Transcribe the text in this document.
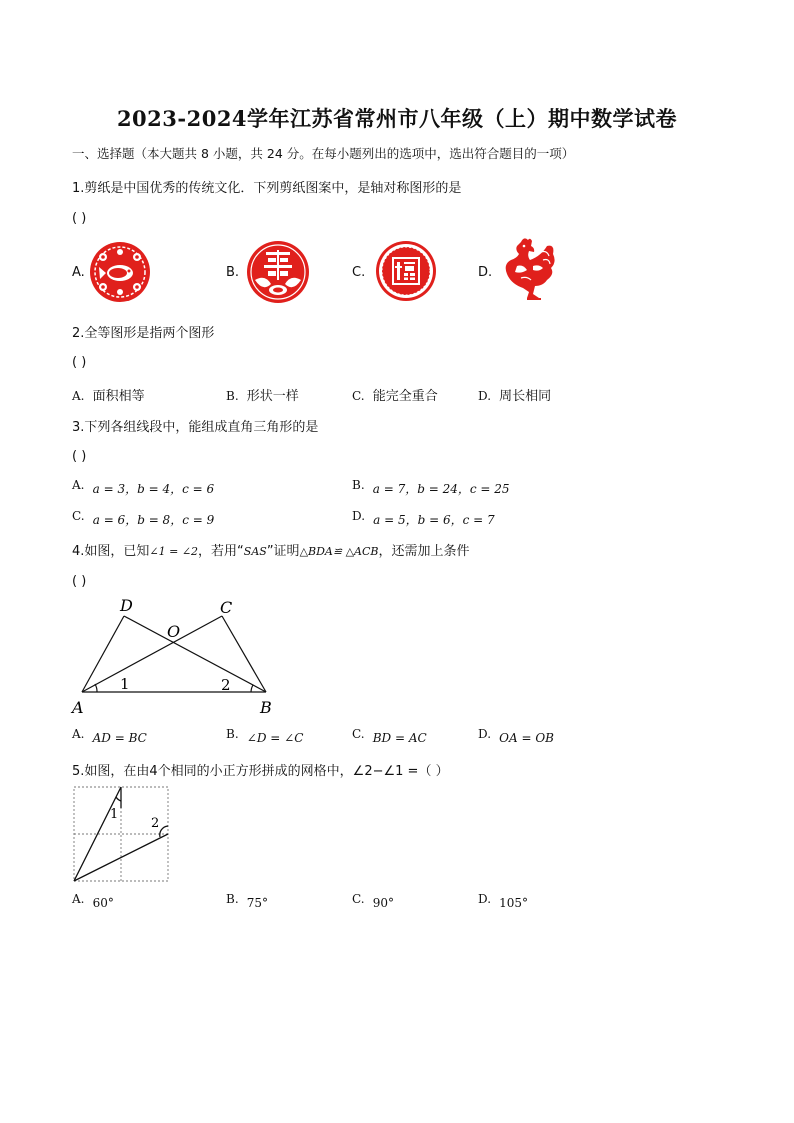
2023-2024学年江苏省常州市八年级（上）期中数学试卷
一、选择题（本大题共 8 小题，共 24 分。在每小题列出的选项中，选出符合题目的一项）
1.剪纸是中国优秀的传统文化．下列剪纸图案中，是轴对称图形的是
( )
A.	B.	C.	D.
2.全等图形是指两个图形
( )
A. 面积相等	B. 形状一样	C. 能完全重合	D. 周长相同
3.下列各组线段中，能组成直角三角形的是
( )
A. a = 3，b = 4，c = 6	B. a = 7，b = 24，c = 25
C. a = 6，b = 8，c = 9	D. a = 5，b = 6，c = 7
4.如图，已知∠1 = ∠2，若用“SAS”证明△BDA≌ △ACB，还需加上条件
( )
A	B
C
D
O
1	2
A. AD = BC	B. ∠D = ∠C	C. BD = AC	D. OA = OB
5.如图，在由4个相同的小正方形拼成的网格中，∠2−∠1 =（ ）
1
2
A. 60°	B. 75°	C. 90°	D. 105°
